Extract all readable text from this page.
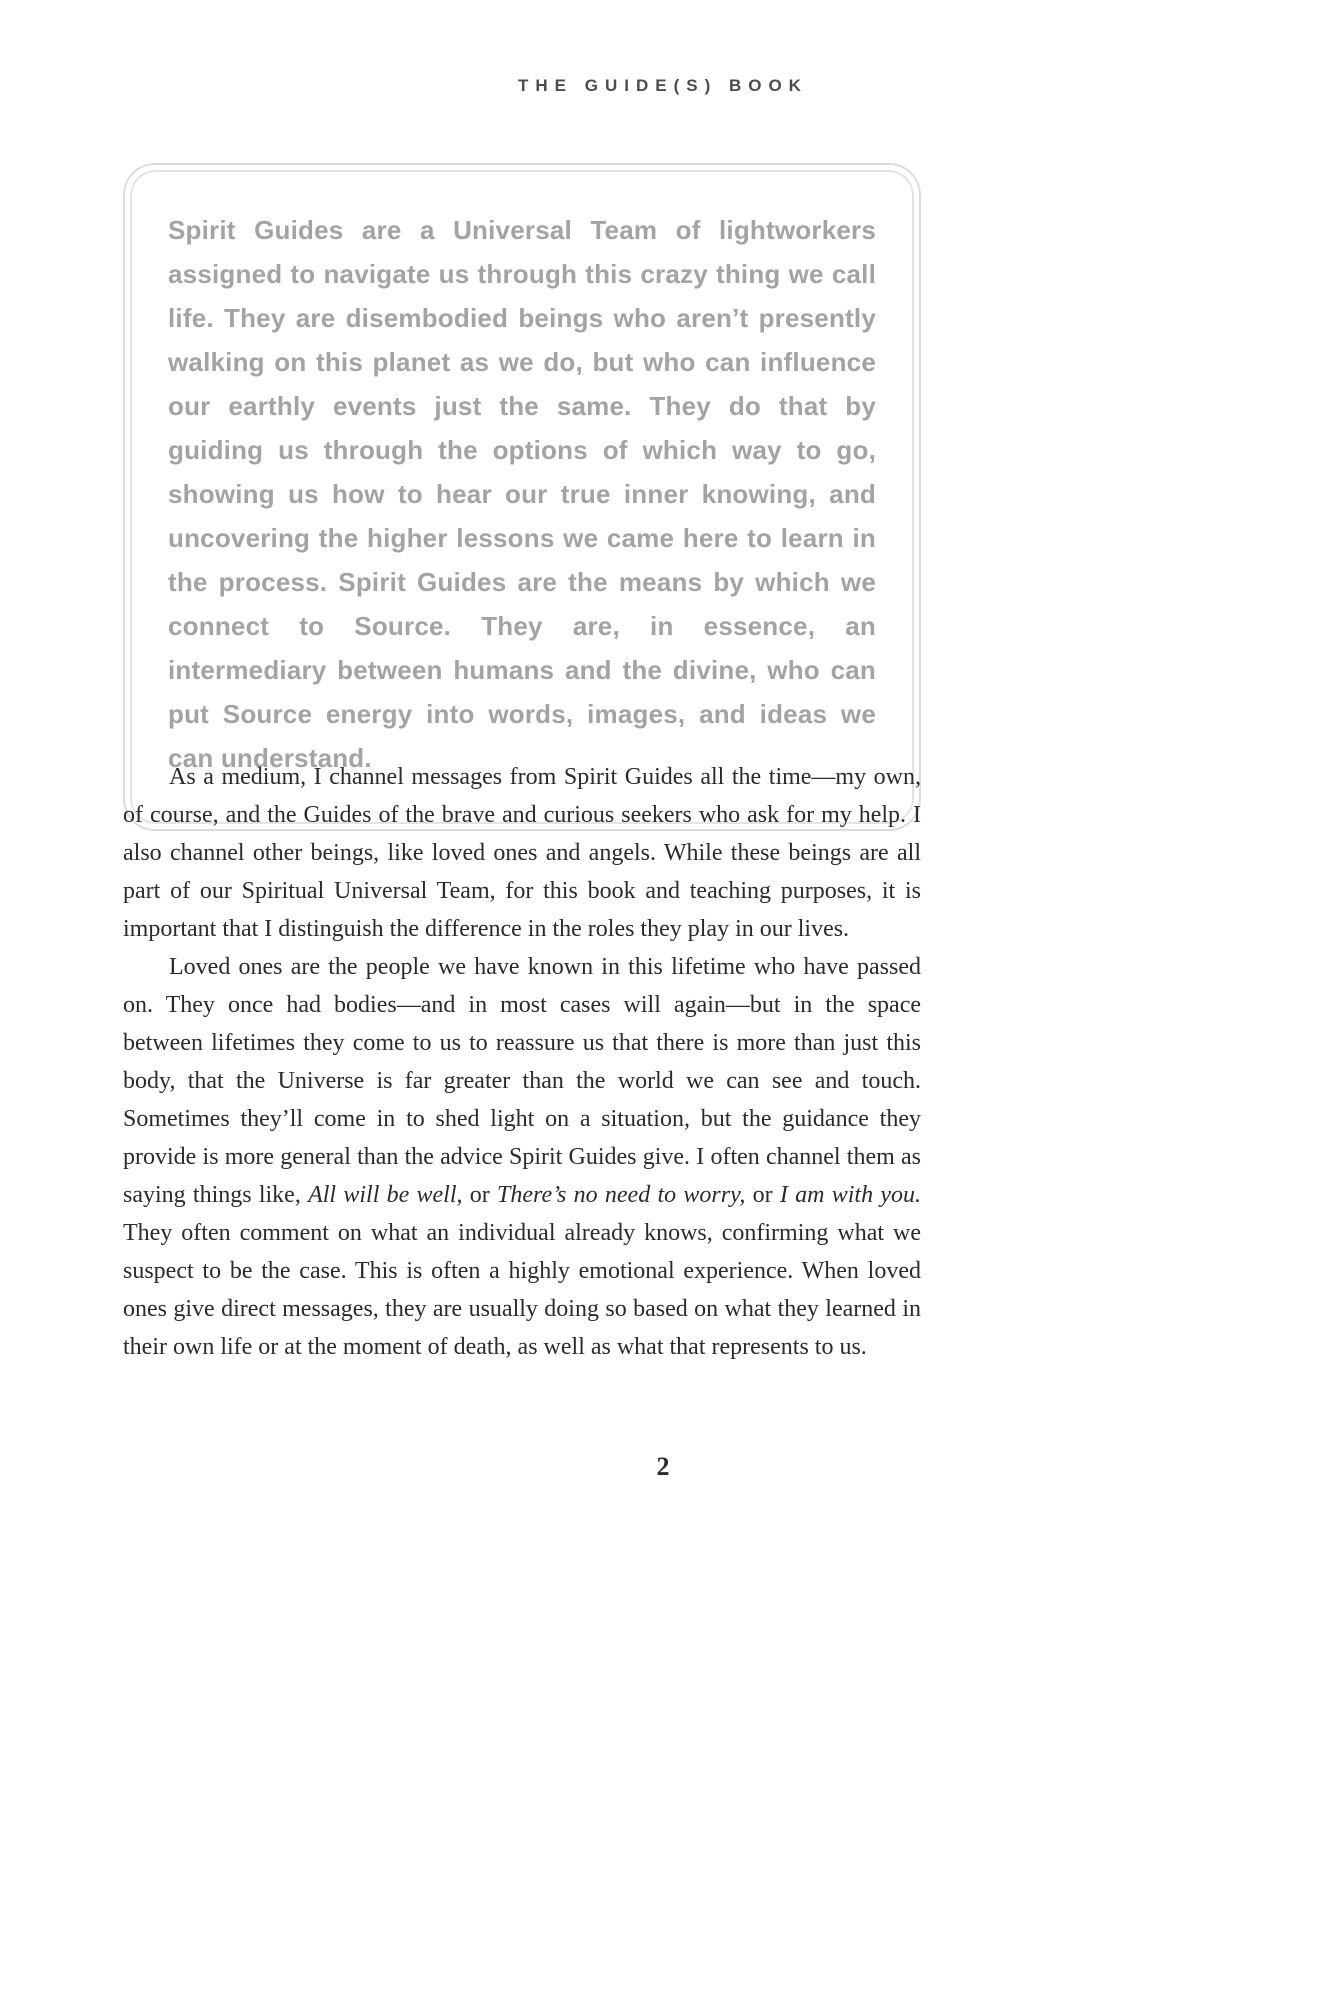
THE GUIDE(S) BOOK
Spirit Guides are a Universal Team of lightworkers assigned to navigate us through this crazy thing we call life. They are disembodied beings who aren’t presently walking on this planet as we do, but who can influence our earthly events just the same. They do that by guiding us through the options of which way to go, showing us how to hear our true inner knowing, and uncovering the higher lessons we came here to learn in the process. Spirit Guides are the means by which we connect to Source. They are, in essence, an intermediary between humans and the divine, who can put Source energy into words, images, and ideas we can understand.

As a medium, I channel messages from Spirit Guides all the time—my own, of course, and the Guides of the brave and curious seekers who ask for my help. I also channel other beings, like loved ones and angels. While these beings are all part of our Spiritual Universal Team, for this book and teaching purposes, it is important that I distinguish the difference in the roles they play in our lives.

Loved ones are the people we have known in this lifetime who have passed on. They once had bodies—and in most cases will again—but in the space between lifetimes they come to us to reassure us that there is more than just this body, that the Universe is far greater than the world we can see and touch. Sometimes they’ll come in to shed light on a situation, but the guidance they provide is more general than the advice Spirit Guides give. I often channel them as saying things like, All will be well, or There’s no need to worry, or I am with you. They often comment on what an individual already knows, confirming what we suspect to be the case. This is often a highly emotional experience. When loved ones give direct messages, they are usually doing so based on what they learned in their own life or at the moment of death, as well as what that represents to us.

2
